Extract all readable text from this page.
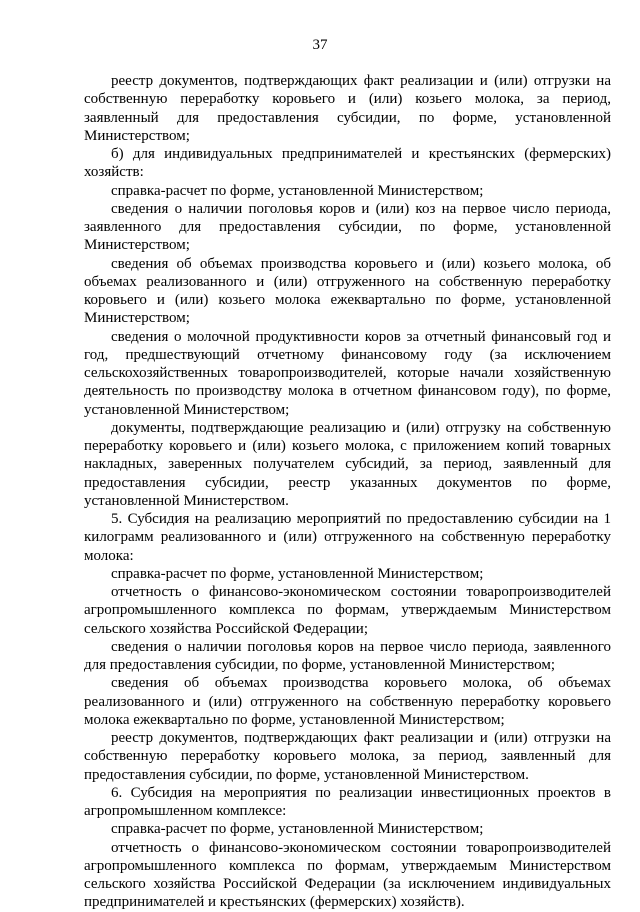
37

реестр документов, подтверждающих факт реализации и (или) отгрузки на собственную переработку коровьего и (или) козьего молока, за период, заявленный для предоставления субсидии, по форме, установленной Министерством;

б) для индивидуальных предпринимателей и крестьянских (фермерских) хозяйств:

справка-расчет по форме, установленной Министерством;

сведения о наличии поголовья коров и (или) коз на первое число периода, заявленного для предоставления субсидии, по форме, установленной Министерством;

сведения об объемах производства коровьего и (или) козьего молока, об объемах реализованного и (или) отгруженного на собственную переработку коровьего и (или) козьего молока ежеквартально по форме, установленной Министерством;

сведения о молочной продуктивности коров за отчетный финансовый год и год, предшествующий отчетному финансовому году (за исключением сельскохозяйственных товаропроизводителей, которые начали хозяйственную деятельность по производству молока в отчетном финансовом году), по форме, установленной Министерством;

документы, подтверждающие реализацию и (или) отгрузку на собственную переработку коровьего и (или) козьего молока, с приложением копий товарных накладных, заверенных получателем субсидий, за период, заявленный для предоставления субсидии, реестр указанных документов по форме, установленной Министерством.

5. Субсидия на реализацию мероприятий по предоставлению субсидии на 1 килограмм реализованного и (или) отгруженного на собственную переработку молока:

справка-расчет по форме, установленной Министерством;

отчетность о финансово-экономическом состоянии товаропроизводителей агропромышленного комплекса по формам, утверждаемым Министерством сельского хозяйства Российской Федерации;

сведения о наличии поголовья коров на первое число периода, заявленного для предоставления субсидии, по форме, установленной Министерством;

сведения об объемах производства коровьего молока, об объемах реализованного и (или) отгруженного на собственную переработку коровьего молока ежеквартально по форме, установленной Министерством;

реестр документов, подтверждающих факт реализации и (или) отгрузки на собственную переработку коровьего молока, за период, заявленный для предоставления субсидии, по форме, установленной Министерством.

6. Субсидия на мероприятия по реализации инвестиционных проектов в агропромышленном комплексе:

справка-расчет по форме, установленной Министерством;

отчетность о финансово-экономическом состоянии товаропроизводителей агропромышленного комплекса по формам, утверждаемым Министерством сельского хозяйства Российской Федерации (за исключением индивидуальных предпринимателей и крестьянских (фермерских) хозяйств).
